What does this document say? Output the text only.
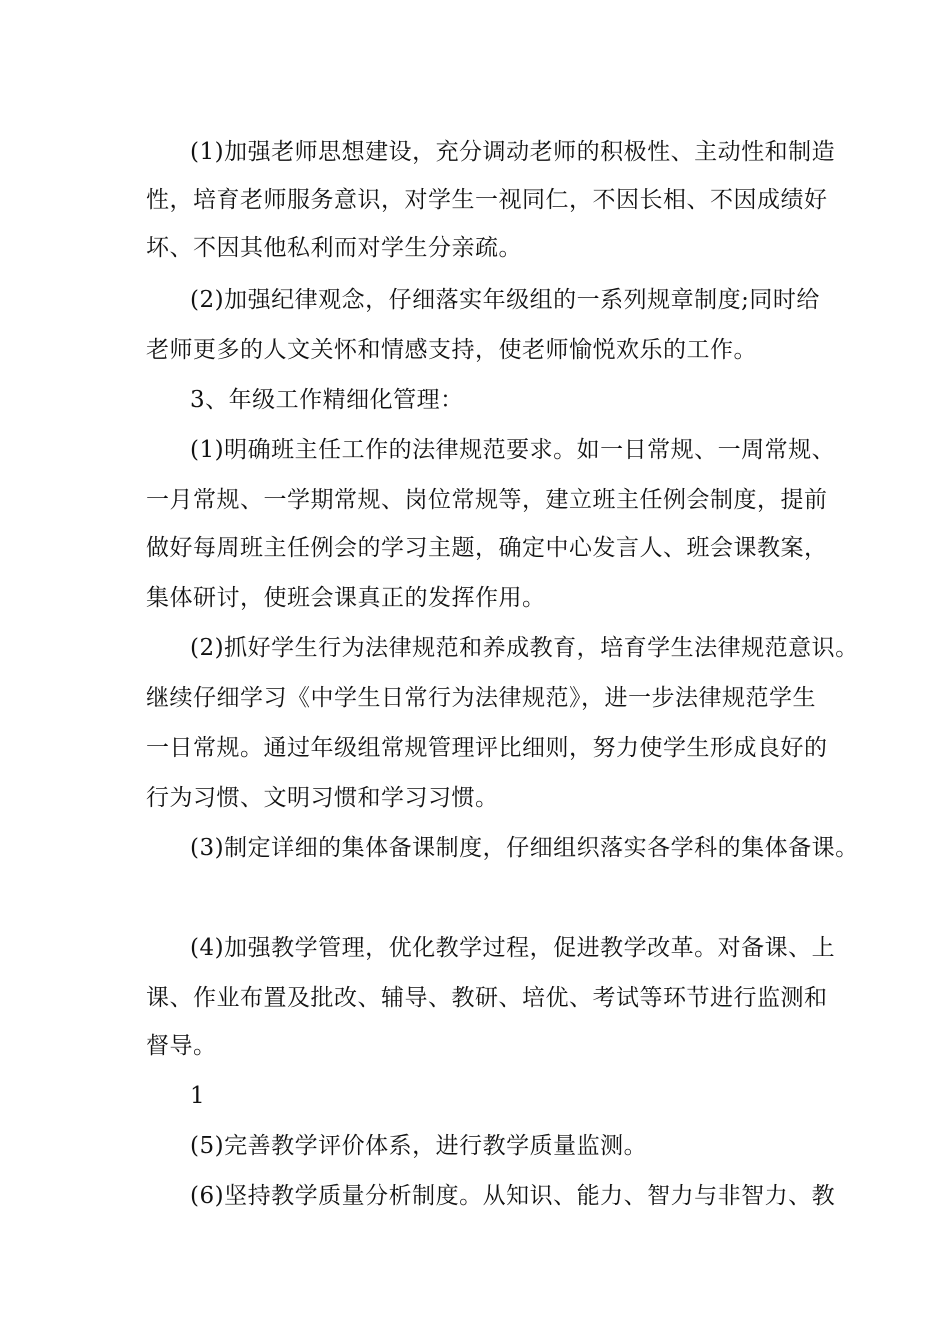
(1)加强老师思想建设，充分调动老师的积极性、主动性和制造
性，培育老师服务意识，对学生一视同仁，不因长相、不因成绩好
坏、不因其他私利而对学生分亲疏。
(2)加强纪律观念，仔细落实年级组的一系列规章制度;同时给
老师更多的人文关怀和情感支持，使老师愉悦欢乐的工作。
3、年级工作精细化管理：
(1)明确班主任工作的法律规范要求。如一日常规、一周常规、
一月常规、一学期常规、岗位常规等，建立班主任例会制度，提前
做好每周班主任例会的学习主题，确定中心发言人、班会课教案，
集体研讨，使班会课真正的发挥作用。
(2)抓好学生行为法律规范和养成教育，培育学生法律规范意识。
继续仔细学习《中学生日常行为法律规范》，进一步法律规范学生
一日常规。通过年级组常规管理评比细则，努力使学生形成良好的
行为习惯、文明习惯和学习习惯。
(3)制定详细的集体备课制度，仔细组织落实各学科的集体备课。
(4)加强教学管理，优化教学过程，促进教学改革。对备课、上
课、作业布置及批改、辅导、教研、培优、考试等环节进行监测和
督导。
1
(5)完善教学评价体系，进行教学质量监测。
(6)坚持教学质量分析制度。从知识、能力、智力与非智力、教
